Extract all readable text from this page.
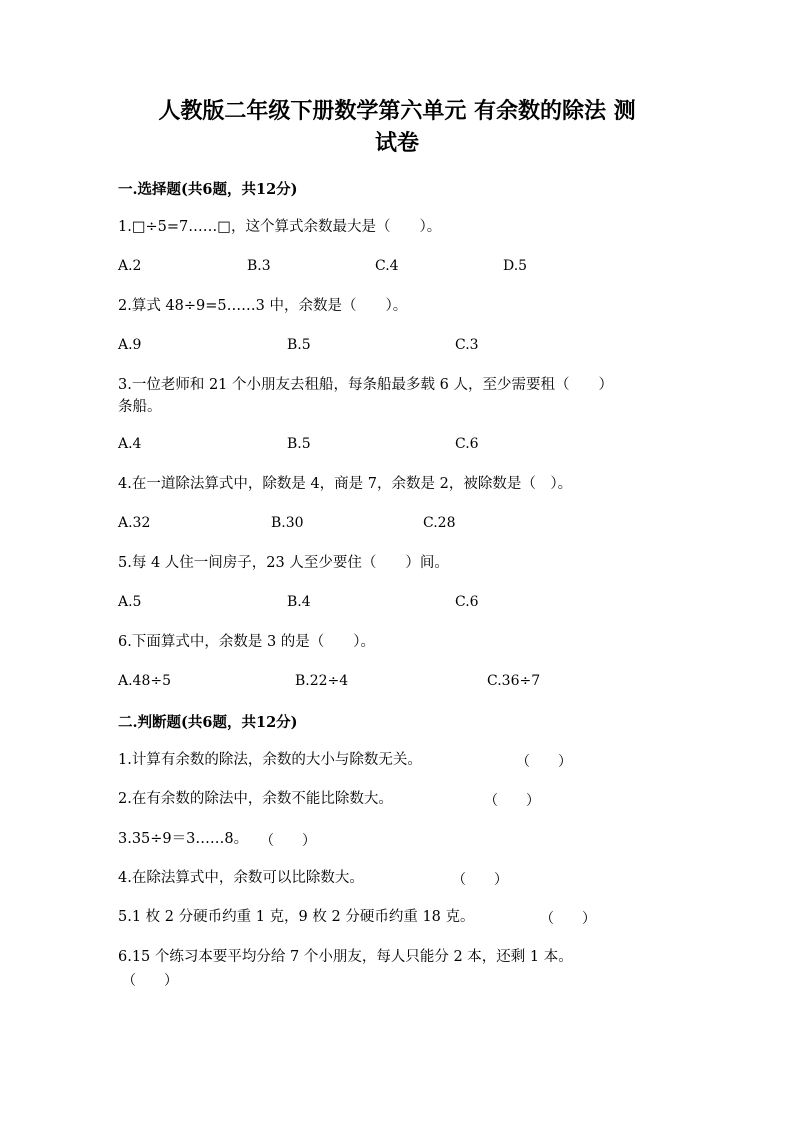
人教版二年级下册数学第六单元 有余数的除法 测
试卷
一.选择题(共6题，共12分)
1.□÷5=7……□，这个算式余数最大是（　　）。
A.2	B.3	C.4	D.5
2.算式 48÷9=5……3 中，余数是（　　）。
A.9	B.5	C.3
3.一位老师和 21 个小朋友去租船，每条船最多载 6 人，至少需要租（　　）
条船。
A.4	B.5	C.6
4.在一道除法算式中，除数是 4，商是 7，余数是 2，被除数是（　）。
A.32	B.30	C.28
5.每 4 人住一间房子，23 人至少要住（　　）间。
A.5	B.4	C.6
6.下面算式中，余数是 3 的是（　　）。
A.48÷5	B.22÷4	C.36÷7
二.判断题(共6题，共12分)
1.计算有余数的除法，余数的大小与除数无关。	（　　）
2.在有余数的除法中，余数不能比除数大。	（　　）
3.35÷9＝3……8。 （　　）
4.在除法算式中，余数可以比除数大。	（　　）
5.1 枚 2 分硬币约重 1 克，9 枚 2 分硬币约重 18 克。	（　　）
6.15 个练习本要平均分给 7 个小朋友，每人只能分 2 本，还剩 1 本。
（　　）
